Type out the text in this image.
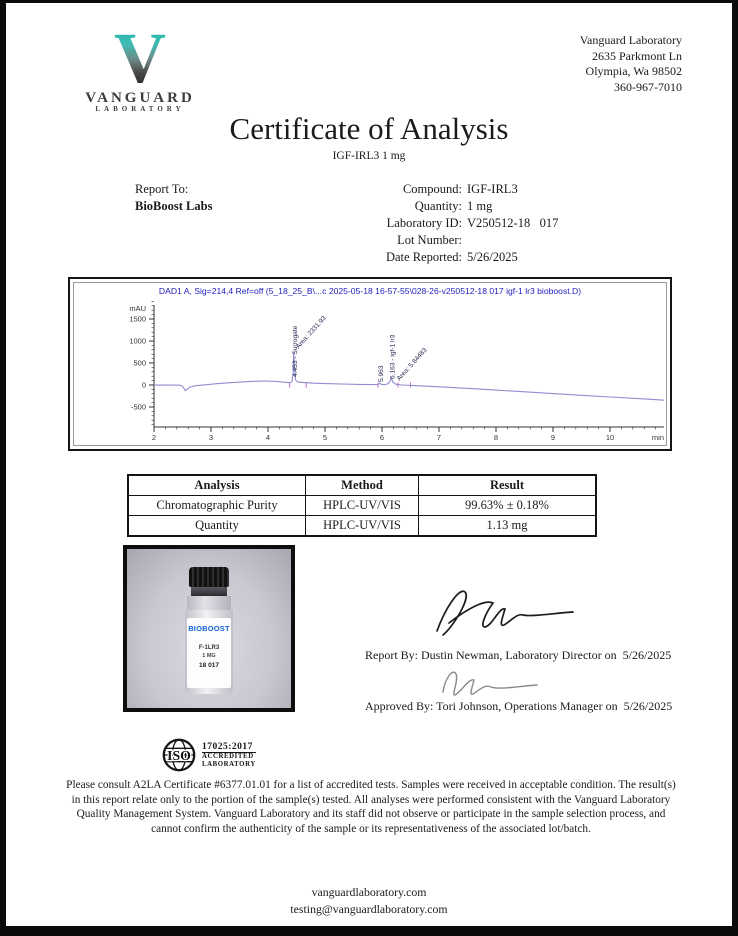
V
VANGUARD
LABORATORY
Vanguard Laboratory
2635 Parkmont Ln
Olympia, Wa 98502
360-967-7010
Certificate of Analysis
IGF-IRL3 1 mg
Report To:
BioBoost Labs
Compound: IGF-IRL3
Quantity: 1 mg
Laboratory ID: V250512-18   017
Lot Number:
Date Reported: 5/26/2025
DAD1 A, Sig=214,4 Ref=off (5_18_25_B\...c 2025-05-18 16-57-55\028-26-v250512-18 017 igf-1 lr3 bioboost.D)
-500
0
500
1000
1500
mAU
2	3	4	5	6	7	8	9	10	min
4.453 - Surrogate
Area: 2331.93
5.963 6.163 - igf-1 lr3 Area: 5.84483
Analysis	Method	Result
Chromatographic Purity	HPLC-UV/VIS	99.63% ± 0.18%
Quantity	HPLC-UV/VIS	1.13 mg
BIOBOOST
F-1LR3
1 MG
18 017
Report By: Dustin Newman, Laboratory Director on  5/26/2025
Approved By: Tori Johnson, Operations Manager on  5/26/2025
ISO
17025:2017
ACCREDITED
LABORATORY
Please consult A2LA Certificate #6377.01.01 for a list of accredited tests. Samples were received in acceptable condition. The result(s) in this report relate only to the portion of the sample(s) tested. All analyses were performed consistent with the Vanguard Laboratory Quality Management System. Vanguard Laboratory and its staff did not observe or participate in the sample selection process, and cannot confirm the authenticity of the sample or its representativeness of the associated lot/batch.
vanguardlaboratory.com
testing@vanguardlaboratory.com
